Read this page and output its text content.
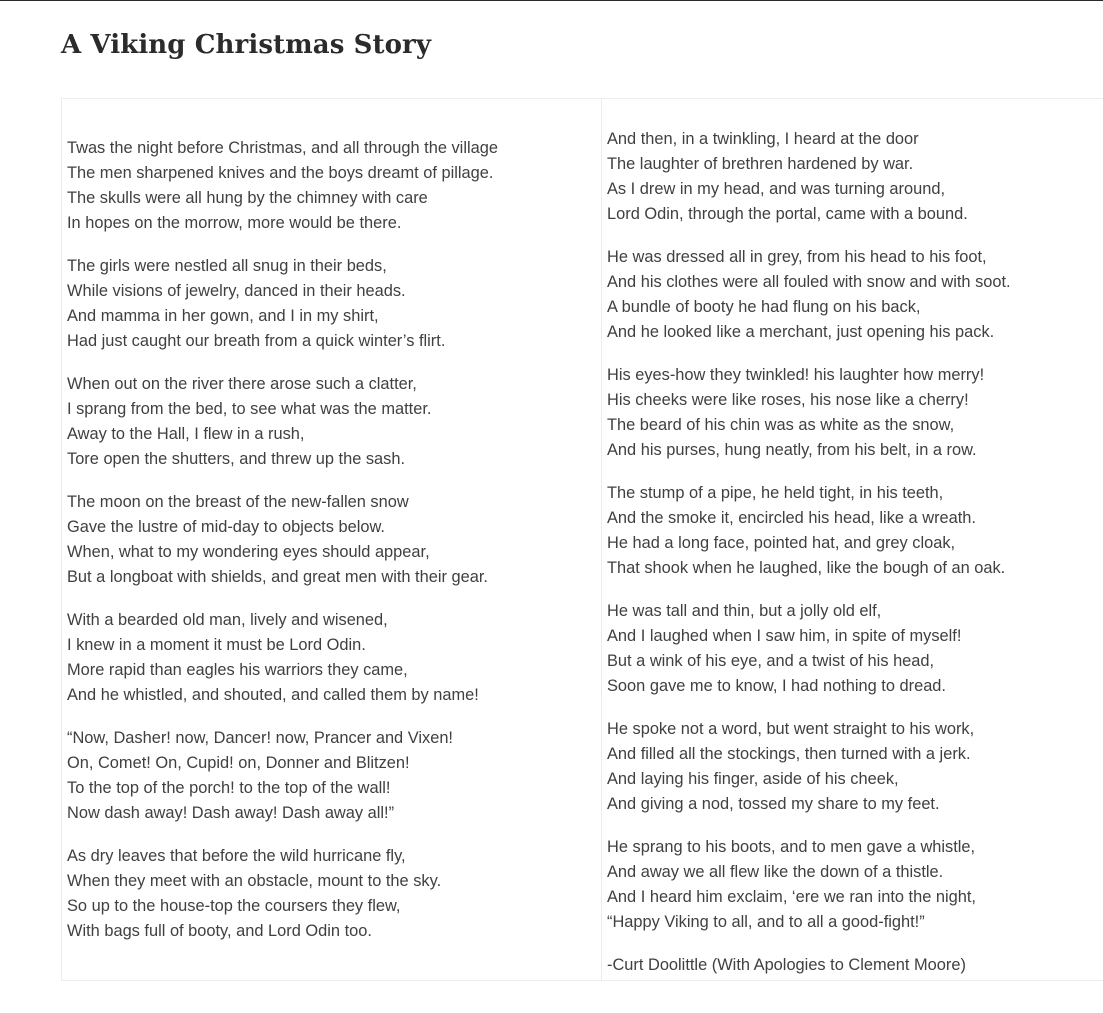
A Viking Christmas Story
Twas the night before Christmas, and all through the village
The men sharpened knives and the boys dreamt of pillage.
The skulls were all hung by the chimney with care
In hopes on the morrow, more would be there.
The girls were nestled all snug in their beds,
While visions of jewelry, danced in their heads.
And mamma in her gown, and I in my shirt,
Had just caught our breath from a quick winter’s flirt.
When out on the river there arose such a clatter,
I sprang from the bed, to see what was the matter.
Away to the Hall, I flew in a rush,
Tore open the shutters, and threw up the sash.
The moon on the breast of the new-fallen snow
Gave the lustre of mid-day to objects below.
When, what to my wondering eyes should appear,
But a longboat with shields, and great men with their gear.
With a bearded old man, lively and wisened,
I knew in a moment it must be Lord Odin.
More rapid than eagles his warriors they came,
And he whistled, and shouted, and called them by name!
“Now, Dasher! now, Dancer! now, Prancer and Vixen!
On, Comet! On, Cupid! on, Donner and Blitzen!
To the top of the porch! to the top of the wall!
Now dash away! Dash away! Dash away all!”
As dry leaves that before the wild hurricane fly,
When they meet with an obstacle, mount to the sky.
So up to the house-top the coursers they flew,
With bags full of booty, and Lord Odin too.
And then, in a twinkling, I heard at the door
The laughter of brethren hardened by war.
As I drew in my head, and was turning around,
Lord Odin, through the portal, came with a bound.
He was dressed all in grey, from his head to his foot,
And his clothes were all fouled with snow and with soot.
A bundle of booty he had flung on his back,
And he looked like a merchant, just opening his pack.
His eyes-how they twinkled! his laughter how merry!
His cheeks were like roses, his nose like a cherry!
The beard of his chin was as white as the snow,
And his purses, hung neatly, from his belt, in a row.
The stump of a pipe, he held tight, in his teeth,
And the smoke it, encircled his head, like a wreath.
He had a long face, pointed hat, and grey cloak,
That shook when he laughed, like the bough of an oak.
He was tall and thin, but a jolly old elf,
And I laughed when I saw him, in spite of myself!
But a wink of his eye, and a twist of his head,
Soon gave me to know, I had nothing to dread.
He spoke not a word, but went straight to his work,
And filled all the stockings, then turned with a jerk.
And laying his finger, aside of his cheek,
And giving a nod, tossed my share to my feet.
He sprang to his boots, and to men gave a whistle,
And away we all flew like the down of a thistle.
And I heard him exclaim, ‘ere we ran into the night,
“Happy Viking to all, and to all a good-fight!”
-Curt Doolittle (With Apologies to Clement Moore)
